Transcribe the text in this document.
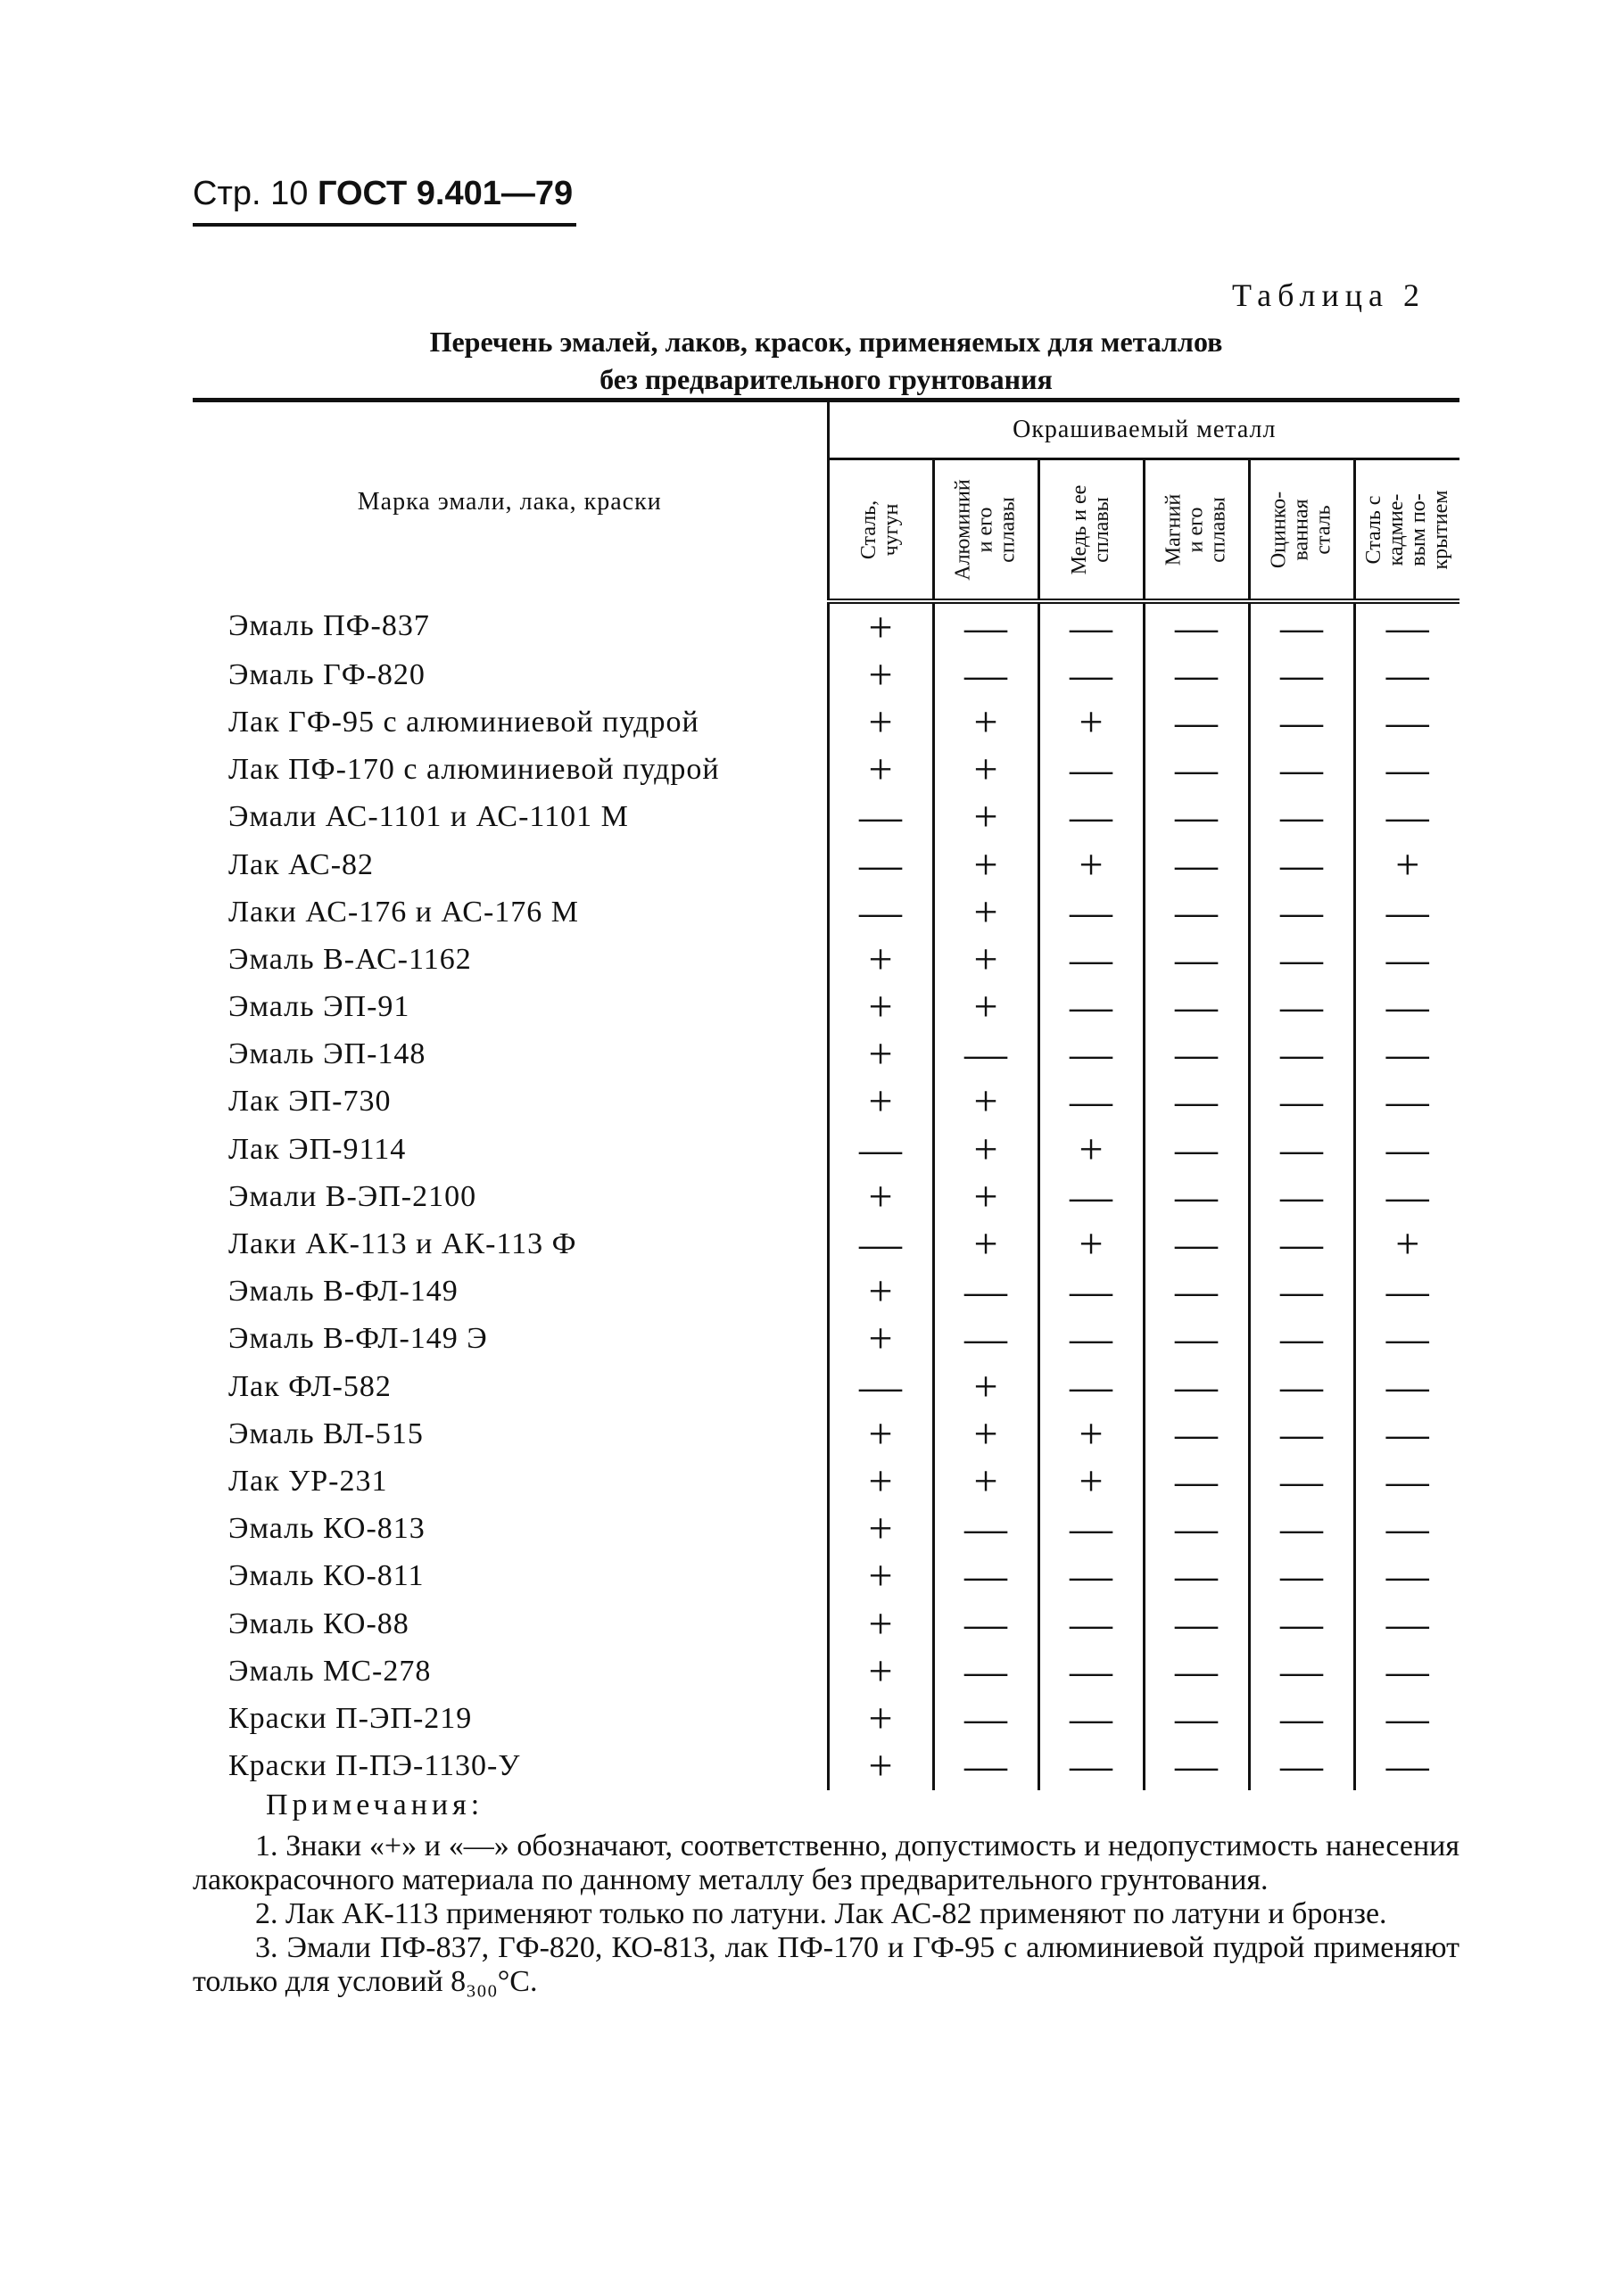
Стр. 10 ГОСТ 9.401—79
Таблица 2
Перечень эмалей, лаков, красок, применяемых для металлов
без предварительного грунтования
Марка эмали, лака, краски	Окрашиваемый металл					

	Сталь,
чугун	Алюминий
и его
сплавы	Медь и ее
сплавы	Магний
и его
сплавы	Оцинко-
ванная
сталь	Сталь с
кадмие-
вым по-
крытием

Эмаль ПФ-837	+	—	—	—	—	—
Эмаль ГФ-820	+	—	—	—	—	—
Лак ГФ-95 с алюминиевой пудрой	+	+	+	—	—	—
Лак ПФ-170 с алюминиевой пудрой	+	+	—	—	—	—
Эмали АС-1101 и АС-1101 М	—	+	—	—	—	—
Лак АС-82	—	+	+	—	—	+
Лаки АС-176 и АС-176 М	—	+	—	—	—	—
Эмаль В-АС-1162	+	+	—	—	—	—
Эмаль ЭП-91	+	+	—	—	—	—
Эмаль ЭП-148	+	—	—	—	—	—
Лак ЭП-730	+	+	—	—	—	—
Лак ЭП-9114	—	+	+	—	—	—
Эмали В-ЭП-2100	+	+	—	—	—	—
Лаки АК-113 и АК-113 Ф	—	+	+	—	—	+
Эмаль В-ФЛ-149	+	—	—	—	—	—
Эмаль В-ФЛ-149 Э	+	—	—	—	—	—
Лак ФЛ-582	—	+	—	—	—	—
Эмаль ВЛ-515	+	+	+	—	—	—
Лак УР-231	+	+	+	—	—	—
Эмаль КО-813	+	—	—	—	—	—
Эмаль КО-811	+	—	—	—	—	—
Эмаль КО-88	+	—	—	—	—	—
Эмаль МС-278	+	—	—	—	—	—
Краски П-ЭП-219	+	—	—	—	—	—
Краски П-ПЭ-1130-У	+	—	—	—	—	—
Примечания:
1. Знаки «+» и «—» обозначают, соответственно, допустимость и недопустимость нанесения лакокрасочного материала по данному металлу без предварительного грунтования.
2. Лак АК-113 применяют только по латуни. Лак АС-82 применяют по латуни и бронзе.
3. Эмали ПФ-837, ГФ-820, КО-813, лак ПФ-170 и ГФ-95 с алюминиевой пудрой применяют только для условий 8₃₀₀°C.
